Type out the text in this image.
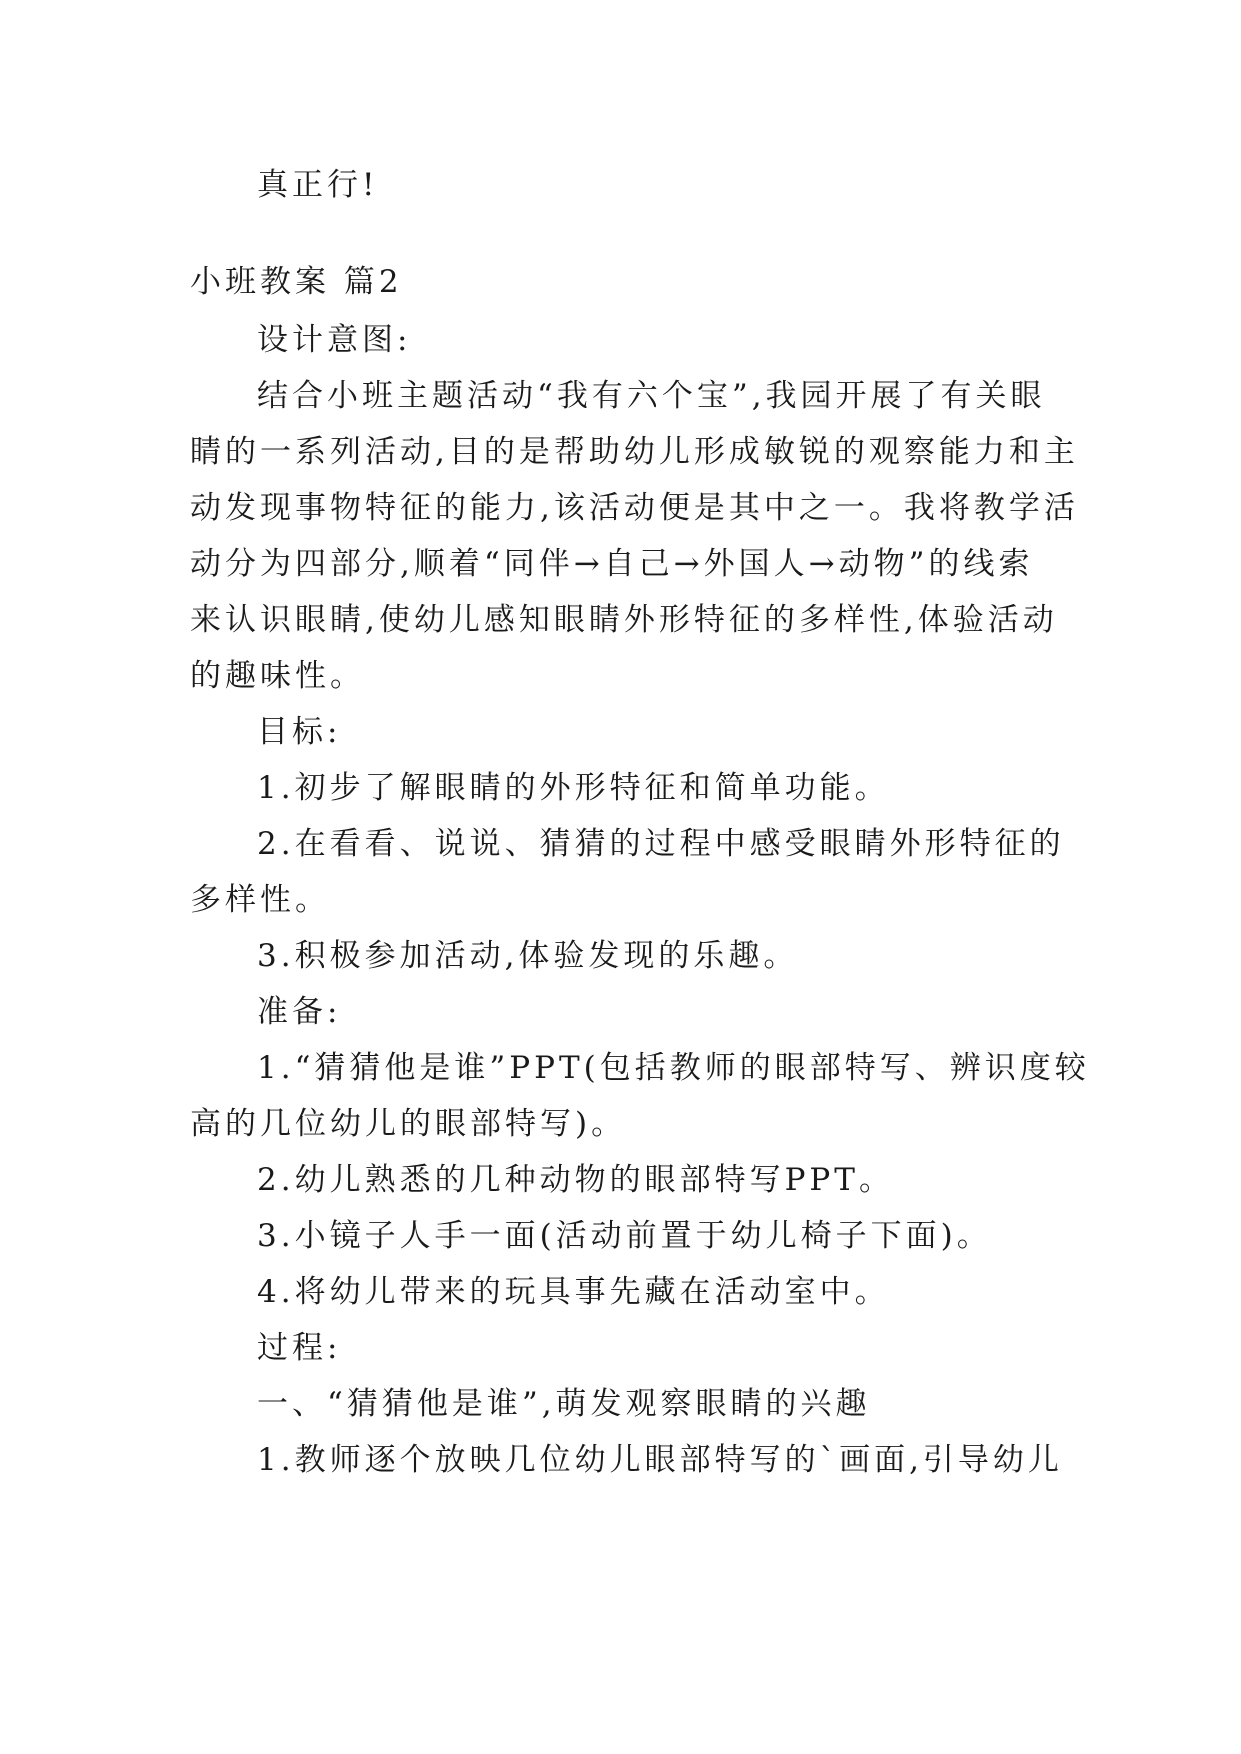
真正行!

小班教案 篇2

设计意图:

结合小班主题活动“我有六个宝”,我园开展了有关眼

睛的一系列活动,目的是帮助幼儿形成敏锐的观察能力和主

动发现事物特征的能力,该活动便是其中之一。我将教学活

动分为四部分,顺着“同伴→自己→外国人→动物”的线索

来认识眼睛,使幼儿感知眼睛外形特征的多样性,体验活动

的趣味性。

目标:

1.初步了解眼睛的外形特征和简单功能。

2.在看看、说说、猜猜的过程中感受眼睛外形特征的

多样性。

3.积极参加活动,体验发现的乐趣。

准备:

1.“猜猜他是谁”PPT(包括教师的眼部特写、辨识度较

高的几位幼儿的眼部特写)。

2.幼儿熟悉的几种动物的眼部特写PPT。

3.小镜子人手一面(活动前置于幼儿椅子下面)。

4.将幼儿带来的玩具事先藏在活动室中。

过程:

一、“猜猜他是谁”,萌发观察眼睛的兴趣

1.教师逐个放映几位幼儿眼部特写的`画面,引导幼儿
